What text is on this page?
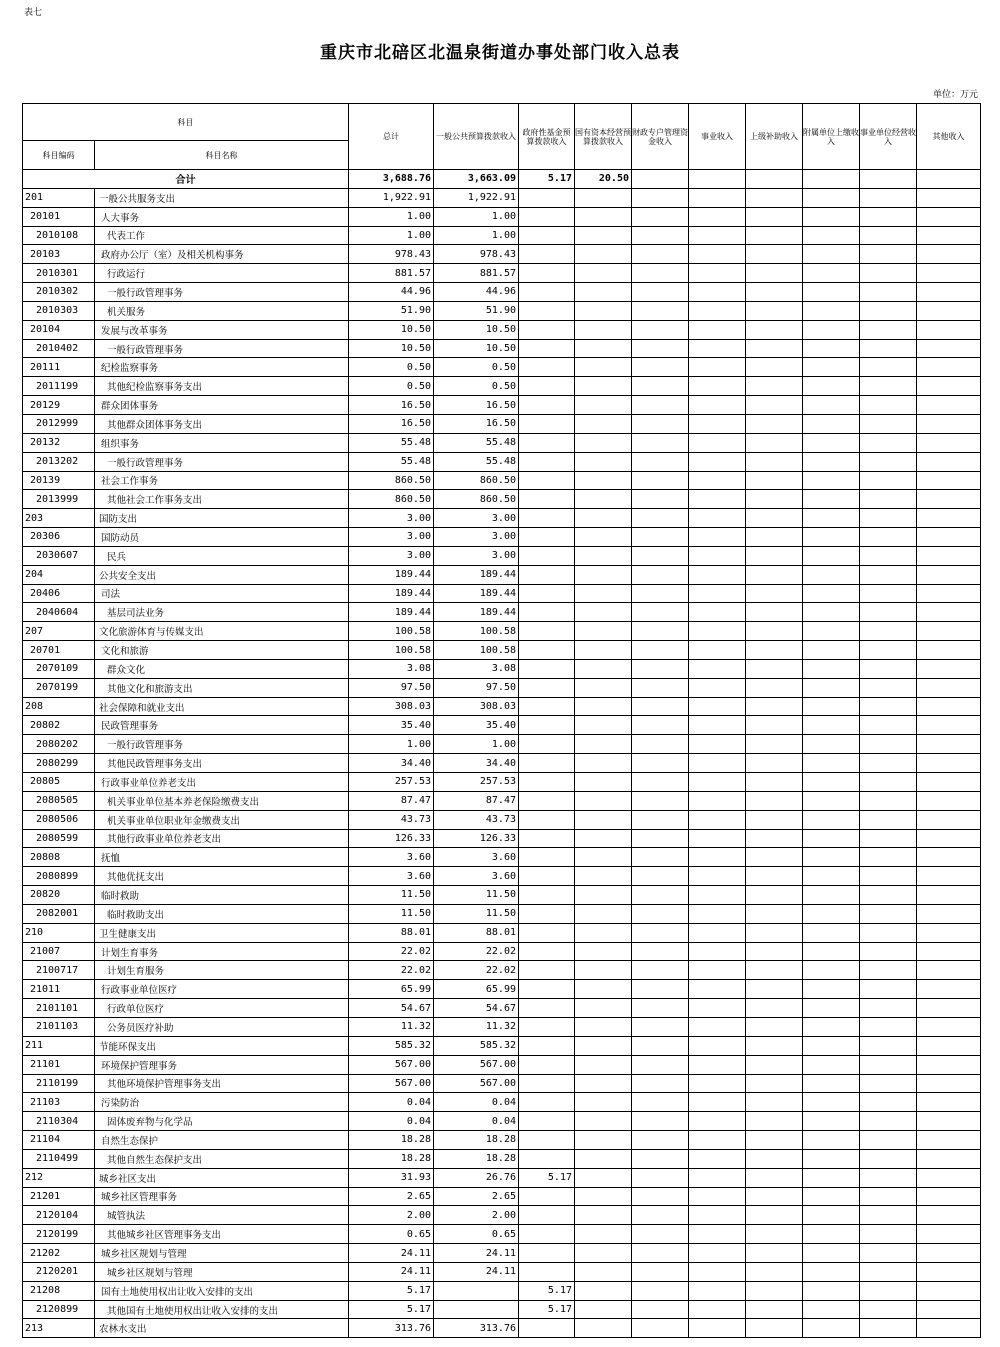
表七
重庆市北碚区北温泉街道办事处部门收入总表
单位：万元
科目		总计	一般公共预算拨款收入	政府性基金预算拨款收入	国有资本经营预算拨款收入	财政专户管理资金收入	事业收入	上级补助收入	附属单位上缴收入	事业单位经营收入	其他收入
科目编码	科目名称										
合计		3,688.76	3,663.09	5.17	20.50						
201	一般公共服务支出	1,922.91	1,922.91								
20101	人大事务	1.00	1.00								
2010108	代表工作	1.00	1.00								
20103	政府办公厅（室）及相关机构事务	978.43	978.43								
2010301	行政运行	881.57	881.57								
2010302	一般行政管理事务	44.96	44.96								
2010303	机关服务	51.90	51.90								
20104	发展与改革事务	10.50	10.50								
2010402	一般行政管理事务	10.50	10.50								
20111	纪检监察事务	0.50	0.50								
2011199	其他纪检监察事务支出	0.50	0.50								
20129	群众团体事务	16.50	16.50								
2012999	其他群众团体事务支出	16.50	16.50								
20132	组织事务	55.48	55.48								
2013202	一般行政管理事务	55.48	55.48								
20139	社会工作事务	860.50	860.50								
2013999	其他社会工作事务支出	860.50	860.50								
203	国防支出	3.00	3.00								
20306	国防动员	3.00	3.00								
2030607	民兵	3.00	3.00								
204	公共安全支出	189.44	189.44								
20406	司法	189.44	189.44								
2040604	基层司法业务	189.44	189.44								
207	文化旅游体育与传媒支出	100.58	100.58								
20701	文化和旅游	100.58	100.58								
2070109	群众文化	3.08	3.08								
2070199	其他文化和旅游支出	97.50	97.50								
208	社会保障和就业支出	308.03	308.03								
20802	民政管理事务	35.40	35.40								
2080202	一般行政管理事务	1.00	1.00								
2080299	其他民政管理事务支出	34.40	34.40								
20805	行政事业单位养老支出	257.53	257.53								
2080505	机关事业单位基本养老保险缴费支出	87.47	87.47								
2080506	机关事业单位职业年金缴费支出	43.73	43.73								
2080599	其他行政事业单位养老支出	126.33	126.33								
20808	抚恤	3.60	3.60								
2080899	其他优抚支出	3.60	3.60								
20820	临时救助	11.50	11.50								
2082001	临时救助支出	11.50	11.50								
210	卫生健康支出	88.01	88.01								
21007	计划生育事务	22.02	22.02								
2100717	计划生育服务	22.02	22.02								
21011	行政事业单位医疗	65.99	65.99								
2101101	行政单位医疗	54.67	54.67								
2101103	公务员医疗补助	11.32	11.32								
211	节能环保支出	585.32	585.32								
21101	环境保护管理事务	567.00	567.00								
2110199	其他环境保护管理事务支出	567.00	567.00								
21103	污染防治	0.04	0.04								
2110304	固体废弃物与化学品	0.04	0.04								
21104	自然生态保护	18.28	18.28								
2110499	其他自然生态保护支出	18.28	18.28								
212	城乡社区支出	31.93	26.76	5.17							
21201	城乡社区管理事务	2.65	2.65								
2120104	城管执法	2.00	2.00								
2120199	其他城乡社区管理事务支出	0.65	0.65								
21202	城乡社区规划与管理	24.11	24.11								
2120201	城乡社区规划与管理	24.11	24.11								
21208	国有土地使用权出让收入安排的支出	5.17		5.17							
2120899	其他国有土地使用权出让收入安排的支出	5.17		5.17							
213	农林水支出	313.76	313.76								
